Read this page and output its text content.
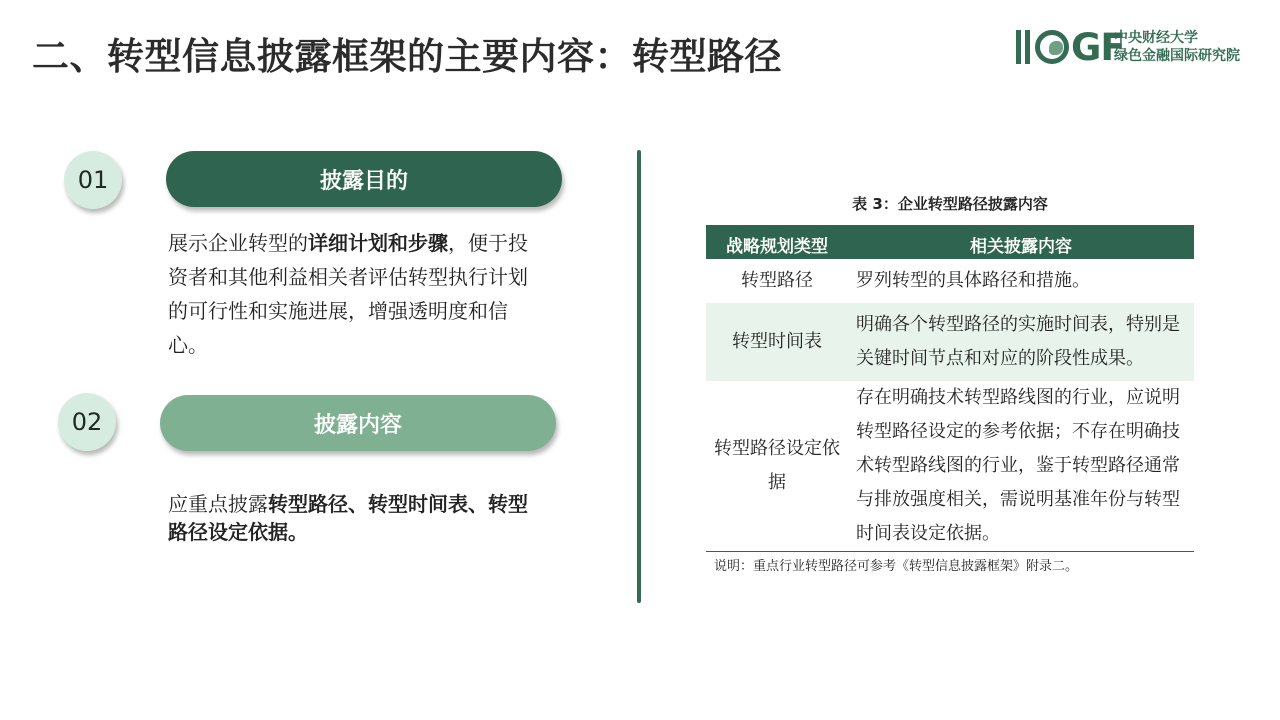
二、转型信息披露框架的主要内容：转型路径	GF
中央财经大学
绿色金融国际研究院
01	披露目的
展示企业转型的详细计划和步骤，便于投资者和其他利益相关者评估转型执行计划的可行性和实施进展，增强透明度和信心。
02	披露内容
应重点披露转型路径、转型时间表、转型路径设定依据。
表 3：企业转型路径披露内容
战略规划类型	相关披露内容
转型路径	罗列转型的具体路径和措施。
转型时间表	明确各个转型路径的实施时间表，特别是关键时间节点和对应的阶段性成果。
转型路径设定依据	存在明确技术转型路线图的行业，应说明转型路径设定的参考依据；不存在明确技术转型路线图的行业，鉴于转型路径通常与排放强度相关，需说明基准年份与转型时间表设定依据。
说明：重点行业转型路径可参考《转型信息披露框架》附录二。
